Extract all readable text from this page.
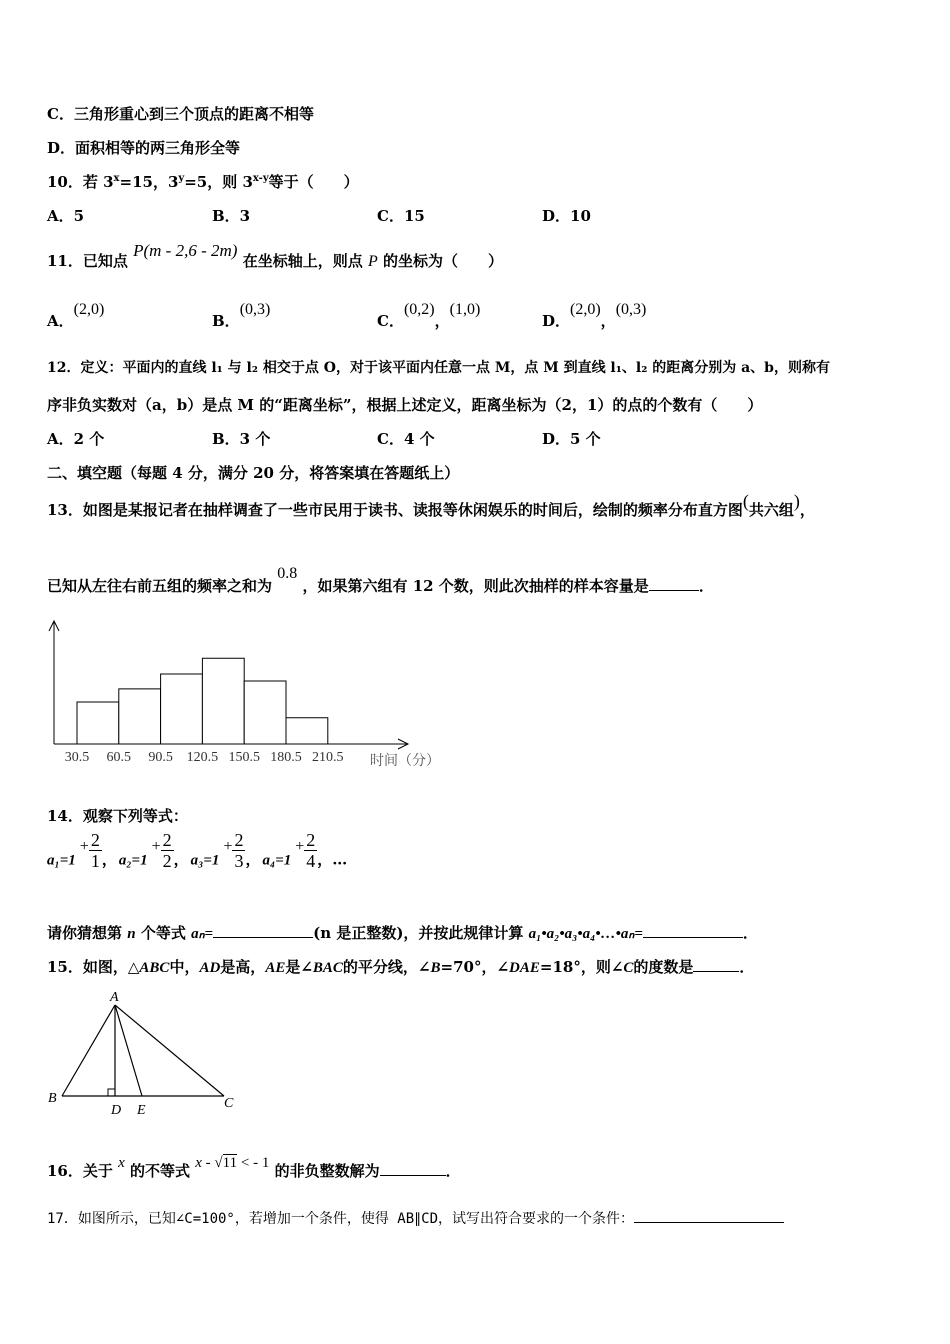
C．三角形重心到三个顶点的距离不相等
D．面积相等的两三角形全等
10．若 $3^x=15$，$3^y=5$，则 3$^{x-y}$等于（　　）
A．5	B．3	C．15	D．10
11．已知点 P(m - 2,6 - 2m) 在坐标轴上，则点 P 的坐标为（　　）
A．(2,0)
B．(0,3)
C．(0,2)，(1,0)
D．(2,0)，(0,3)
12．定义：平面内的直线 l₁ 与 l₂ 相交于点 O，对于该平面内任意一点 M，点 M 到直线 l₁、l₂ 的距离分别为 a、b，则称有
序非负实数对（a，b）是点 M 的“距离坐标”，根据上述定义，距离坐标为（2，1）的点的个数有（　　）
A．2 个	B．3 个	C．4 个	D．5 个
二、填空题（每题 4 分，满分 20 分，将答案填在答题纸上）
13．如图是某报记者在抽样调查了一些市民用于读书、读报等休闲娱乐的时间后，绘制的频率分布直方图(共六组)，
已知从左往右前五组的频率之和为 0.8 ，如果第六组有 12 个数，则此次抽样的样本容量是	．
30.5 60.5 90.5 120.5 150.5 180.5 210.5 时间（分）
14．观察下列等式：
$a_1=1+ \frac{2}{1}$ ， $a_2=1+ \frac{2}{2}$ ， $a_3=1+ \frac{2}{3}$ ， $a_4=1+ \frac{2}{4}$ ，…
请你猜想第 n 个等式 aₙ=	(n 是正整数)，并按此规律计算 a₁•a₂•a₃•a₄•…•aₙ=	．
15．如图，△ABC中，AD是高，AE是∠BAC的平分线，∠B=70°，∠DAE=18°，则∠C的度数是	．
A
B	C
D E
16．关于 x 的不等式 x - √11 < - 1 的非负整数解为	．
17．如图所示，已知∠C=100°，若增加一个条件，使得 AB∥CD，试写出符合要求的一个条件：
